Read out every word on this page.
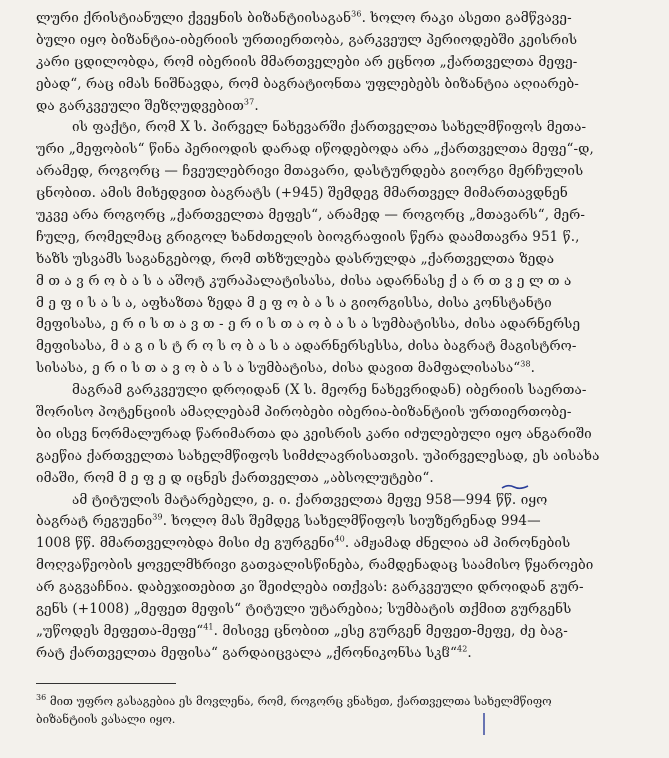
ლური ქრისტიანული ქვეყნის ბიზანტიისაგან$^{36}$. ხოლო რაკი ასეთი გამწვავე-
ბული იყო ბიზანტია-იბერიის ურთიერთობა, გარკვეულ პერიოდებში კეისრის
კარი ცდილობდა, რომ იბერიის მმართველები არ ეცნოთ „ქართველთა მეფე-
ებად“, რაც იმას ნიშნავდა, რომ ბაგრატიონთა უფლებებს ბიზანტია აღიარებ-
და გარკვეული შეზღუდვებით$^{37}$.
ის ფაქტი, რომ X ს. პირველ ნახევარში ქართველთა სახელმწიფოს მეთა-
ური „მეფობის“ წინა პერიოდის დარად იწოდებოდა არა „ქართველთა მეფე“-დ,
არამედ, როგორც — ჩვეულებრივი მთავარი, დასტურდება გიორგი მერჩულის
ცნობით. ამის მიხედვით ბაგრატს (+945) შემდეგ მმართველ მიმართავდნენ
უკვე არა როგორც „ქართველთა მეფეს“, არამედ — როგორც „მთავარს“, მერ-
ჩულე, რომელმაც გრიგოლ ხანძთელის ბიოგრაფიის წერა დაამთავრა 951 წ.,
ხაზს უსვამს საგანგებოდ, რომ თხზულება დასრულდა „ქართველთა ზედა
მ თ ა ვ რ ო ბ ა ს ა აშოტ კურაპალატისასა, ძისა ადარნასე ქ ა რ თ ვ ე ლ თ ა
მ ე ფ ი ს ა ს ა, აფხაზთა ზედა მ ე ფ ო ბ ა ს ა გიორგისსა, ძისა კონსტანტი
მეფისასა, ე რ ი ს თ ა ვ თ - ე რ ი ს თ ა ო ბ ა ს ა სუმბატისსა, ძისა ადარნერსე
მეფისასა, მ ა გ ი ს ტ რ ო ს ო ბ ა ს ა ადარნერსესსა, ძისა ბაგრატ მაგისტრო-
სისასა, ე რ ი ს თ ა ვ ო ბ ა ს ა სუმბატისა, ძისა დავით მამფალისასა“$^{38}$.
მაგრამ გარკვეული დროიდან (X ს. მეორე ნახევრიდან) იბერიის საერთა-
შორისო პოტენციის ამაღლებამ პირობები იბერია-ბიზანტიის ურთიერთობე-
ბი ისევ ნორმალურად წარიმართა და კეისრის კარი იძულებული იყო ანგარიში
გაეწია ქართველთა სახელმწიფოს სიმძლავრისათვის. უპირველესად, ეს აისახა
იმაში, რომ მ ე ფ ე დ იცნეს ქართველთა „აბსოლუტები“.
ამ ტიტულის მატარებელი, ე. ი. ქართველთა მეფე 958—994 წწ. იყო
ბაგრატ რეგუენი$^{39}$. ხოლო მას შემდეგ სახელმწიფოს სიუზერენად 994—
1008 წწ. მმართველობდა მისი ძე გურგენი$^{40}$. ამჟამად ძნელია ამ პირონების
მოღვაწეობის ყოველმხრივი გათვალისწინება, რამდენადაც საამისო წყაროები
არ გაგვაჩნია. დაბეჯითებით კი შეიძლება ითქვას: გარკვეული დროიდან გურ-
გენს (+1008) „მეფეთ მეფის“ ტიტული უტარებია; სუმბატის თქმით გურგენს
„უწოდეს მეფეთა-მეფე“$^{41}$. მისივე ცნობით „ესე გურგენ მეფეთ-მეფე, ძე ბაგ-
რატ ქართველთა მეფისა“ გარდაიცვალა „ქრონიკონსა სკჱ“$^{42}$.
$^{36}$ მით უფრო გასაგებია ეს მოვლენა, რომ, როგორც ვნახეთ, ქართველთა სახელმწიფო
ბიზანტიის ვასალი იყო.
